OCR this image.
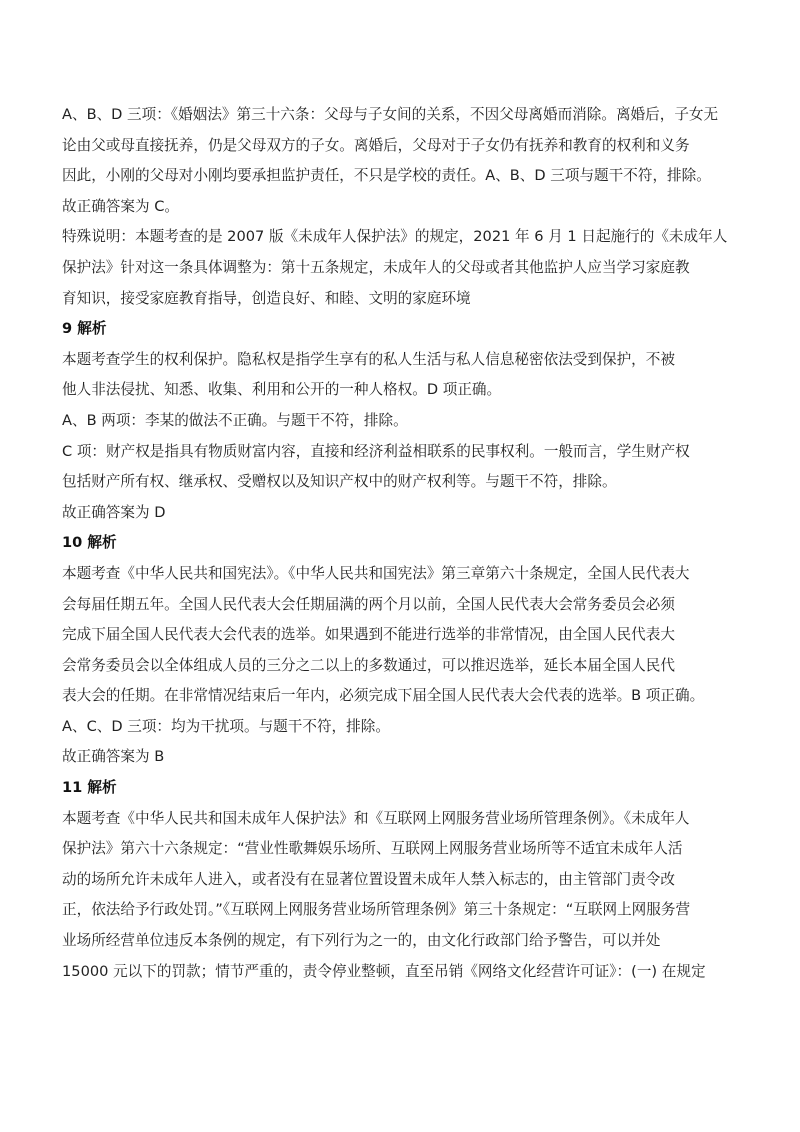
A、B、D 三项：《婚姻法》第三十六条：父母与子女间的关系，不因父母离婚而消除。离婚后，子女无
论由父或母直接抚养，仍是父母双方的子女。离婚后，父母对于子女仍有抚养和教育的权利和义务
因此，小刚的父母对小刚均要承担监护责任，不只是学校的责任。A、B、D 三项与题干不符，排除。
故正确答案为 C。
特殊说明：本题考查的是 2007 版《未成年人保护法》的规定，2021 年 6 月 1 日起施行的《未成年人
保护法》针对这一条具体调整为：第十五条规定，未成年人的父母或者其他监护人应当学习家庭教
育知识，接受家庭教育指导，创造良好、和睦、文明的家庭环境
9 解析
本题考查学生的权利保护。隐私权是指学生享有的私人生活与私人信息秘密依法受到保护，不被
他人非法侵扰、知悉、收集、利用和公开的一种人格权。D 项正确。
A、B 两项：李某的做法不正确。与题干不符，排除。
C 项：财产权是指具有物质财富内容，直接和经济利益相联系的民事权利。一般而言，学生财产权
包括财产所有权、继承权、受赠权以及知识产权中的财产权利等。与题干不符，排除。
故正确答案为 D
10 解析
本题考查《中华人民共和国宪法》。《中华人民共和国宪法》第三章第六十条规定，全国人民代表大
会每届任期五年。全国人民代表大会任期届满的两个月以前，全国人民代表大会常务委员会必须
完成下届全国人民代表大会代表的选举。如果遇到不能进行选举的非常情况，由全国人民代表大
会常务委员会以全体组成人员的三分之二以上的多数通过，可以推迟选举，延长本届全国人民代
表大会的任期。在非常情况结束后一年内，必须完成下届全国人民代表大会代表的选举。B 项正确。
A、C、D 三项：均为干扰项。与题干不符，排除。
故正确答案为 B
11 解析
本题考查《中华人民共和国未成年人保护法》和《互联网上网服务营业场所管理条例》。《未成年人
保护法》第六十六条规定：“营业性歌舞娱乐场所、互联网上网服务营业场所等不适宜未成年人活
动的场所允许未成年人进入，或者没有在显著位置设置未成年人禁入标志的，由主管部门责令改
正，依法给予行政处罚。”《互联网上网服务营业场所管理条例》第三十条规定：“互联网上网服务营
业场所经营单位违反本条例的规定，有下列行为之一的，由文化行政部门给予警告，可以并处
15000 元以下的罚款；情节严重的，责令停业整顿，直至吊销《网络文化经营许可证》：(一) 在规定
